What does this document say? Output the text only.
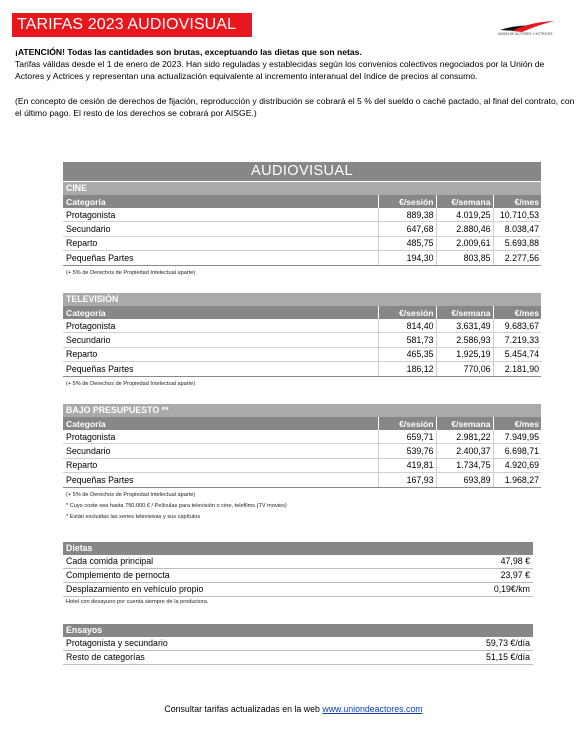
TARIFAS 2023 AUDIOVISUAL
UNIÓN DE ACTORES Y ACTRICES

¡ATENCIÓN! Todas las cantidades son brutas, exceptuando las dietas que son netas.

Tarifas válidas desde el 1 de enero de 2023. Han sido reguladas y establecidas según los convenios colectivos negociados por la Unión de Actores y Actrices y representan una actualización equivalente al incremento interanual del índice de precios al consumo.

(En concepto de cesión de derechos de fijación, reproducción y distribución se cobrará el 5 % del sueldo o caché pactado, al final del contrato, con el último pago. El resto de los derechos se cobrará por AISGE.)

AUDIOVISUAL
CINE
Categoría	€/sesión	€/semana	€/mes
Protagonista	889,38	4.019,25	10.710,53
Secundario	647,68	2.880,46	8.038,47
Reparto	485,75	2.009,61	5.693,88
Pequeñas Partes	194,30	803,85	2.277,56
(+ 5% de Derechos de Propiedad Intelectual aparte)
TELEVISIÓN
Categoría	€/sesión	€/semana	€/mes
Protagonista	814,40	3.631,49	9.683,67
Secundario	581,73	2.586,93	7.219,33
Reparto	465,35	1.925,19	5.454,74
Pequeñas Partes	186,12	770,06	2.181,90
(+ 5% de Derechos de Propiedad Intelectual aparte)
BAJO PRESUPUESTO **
Categoría	€/sesión	€/semana	€/mes
Protagonista	659,71	2.981,22	7.949,95
Secundario	539,76	2.400,37	6.698,71
Reparto	419,81	1.734,75	4.920,69
Pequeñas Partes	167,93	693,89	1.968,27
(+ 5% de Derechos de Propiedad Intelectual aparte)
* Cuyo coste sea hasta 750.000 € / Películas para televisión o cine, telefilms (TV movies)
* Están excluidas las series televisivas y sus capítulos
Dietas
Cada comida principal	47,98 €
Complemento de pernocta	23,97 €
Desplazamiento en vehículo propio	0,19€/km
Hotel con desayuno por cuenta siempre de la productora.
Ensayos
Protagonista y secundario	59,73 €/día
Resto de categorías	51,15 €/día
Consultar tarifas actualizadas en la web www.uniondeactores.com
